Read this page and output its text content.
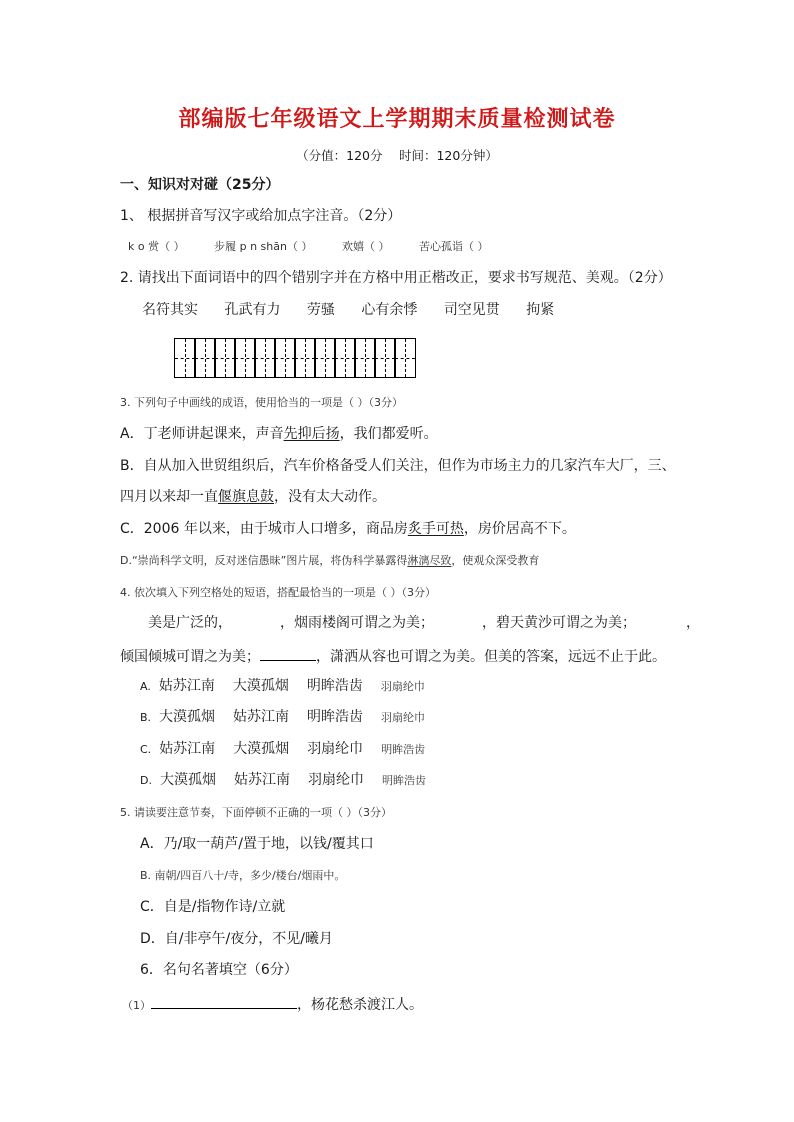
部编版七年级语文上学期期末质量检测试卷
（分值：120分　 时间：120分钟）
一、知识对对碰（25分）
1、 根据拼音写汉字或给加点字注音。（2分）
k o 赏（ ）	步履 p n shān（ ）	欢嬉（ ）	苦心孤诣（ ）
2. 请找出下面词语中的四个错别字并在方格中用正楷改正，要求书写规范、美观。（2分）
名符其实 孔武有力 劳骚 心有余悸 司空见贯 拘紧
3. 下列句子中画线的成语，使用恰当的一项是（ ）（3分）
A．丁老师讲起课来，声音先抑后扬，我们都爱听。
B．自从加入世贸组织后，汽车价格备受人们关注，但作为市场主力的几家汽车大厂，三、
四月以来却一直偃旗息鼓，没有太大动作。
C．2006 年以来，由于城市人口增多，商品房炙手可热，房价居高不下。
D.“崇尚科学文明，反对迷信愚昧”图片展，将伪科学暴露得淋漓尽致，使观众深受教育
4. 依次填入下列空格处的短语，搭配最恰当的一项是（ ）（3分）
美是广泛的，	，烟雨楼阁可谓之为美；	，碧天黄沙可谓之为美；	，
倾国倾城可谓之为美；	，潇洒从容也可谓之为美。但美的答案，远远不止于此。
A. 姑苏江南 大漠孤烟 明眸浩齿 羽扇纶巾
B. 大漠孤烟 姑苏江南 明眸浩齿 羽扇纶巾
C. 姑苏江南 大漠孤烟 羽扇纶巾 明眸浩齿
D. 大漠孤烟 姑苏江南 羽扇纶巾 明眸浩齿
5. 请读要注意节奏，下面停顿不正确的一项（ ）（3分）
A．乃/取一葫芦/置于地，以钱/覆其口
B. 南朝/四百八十/寺，多少/楼台/烟雨中。
C．自是/指物作诗/立就
D．自/非亭午/夜分，不见/曦月
6．名句名著填空（6分）
（1）	，杨花愁杀渡江人。
